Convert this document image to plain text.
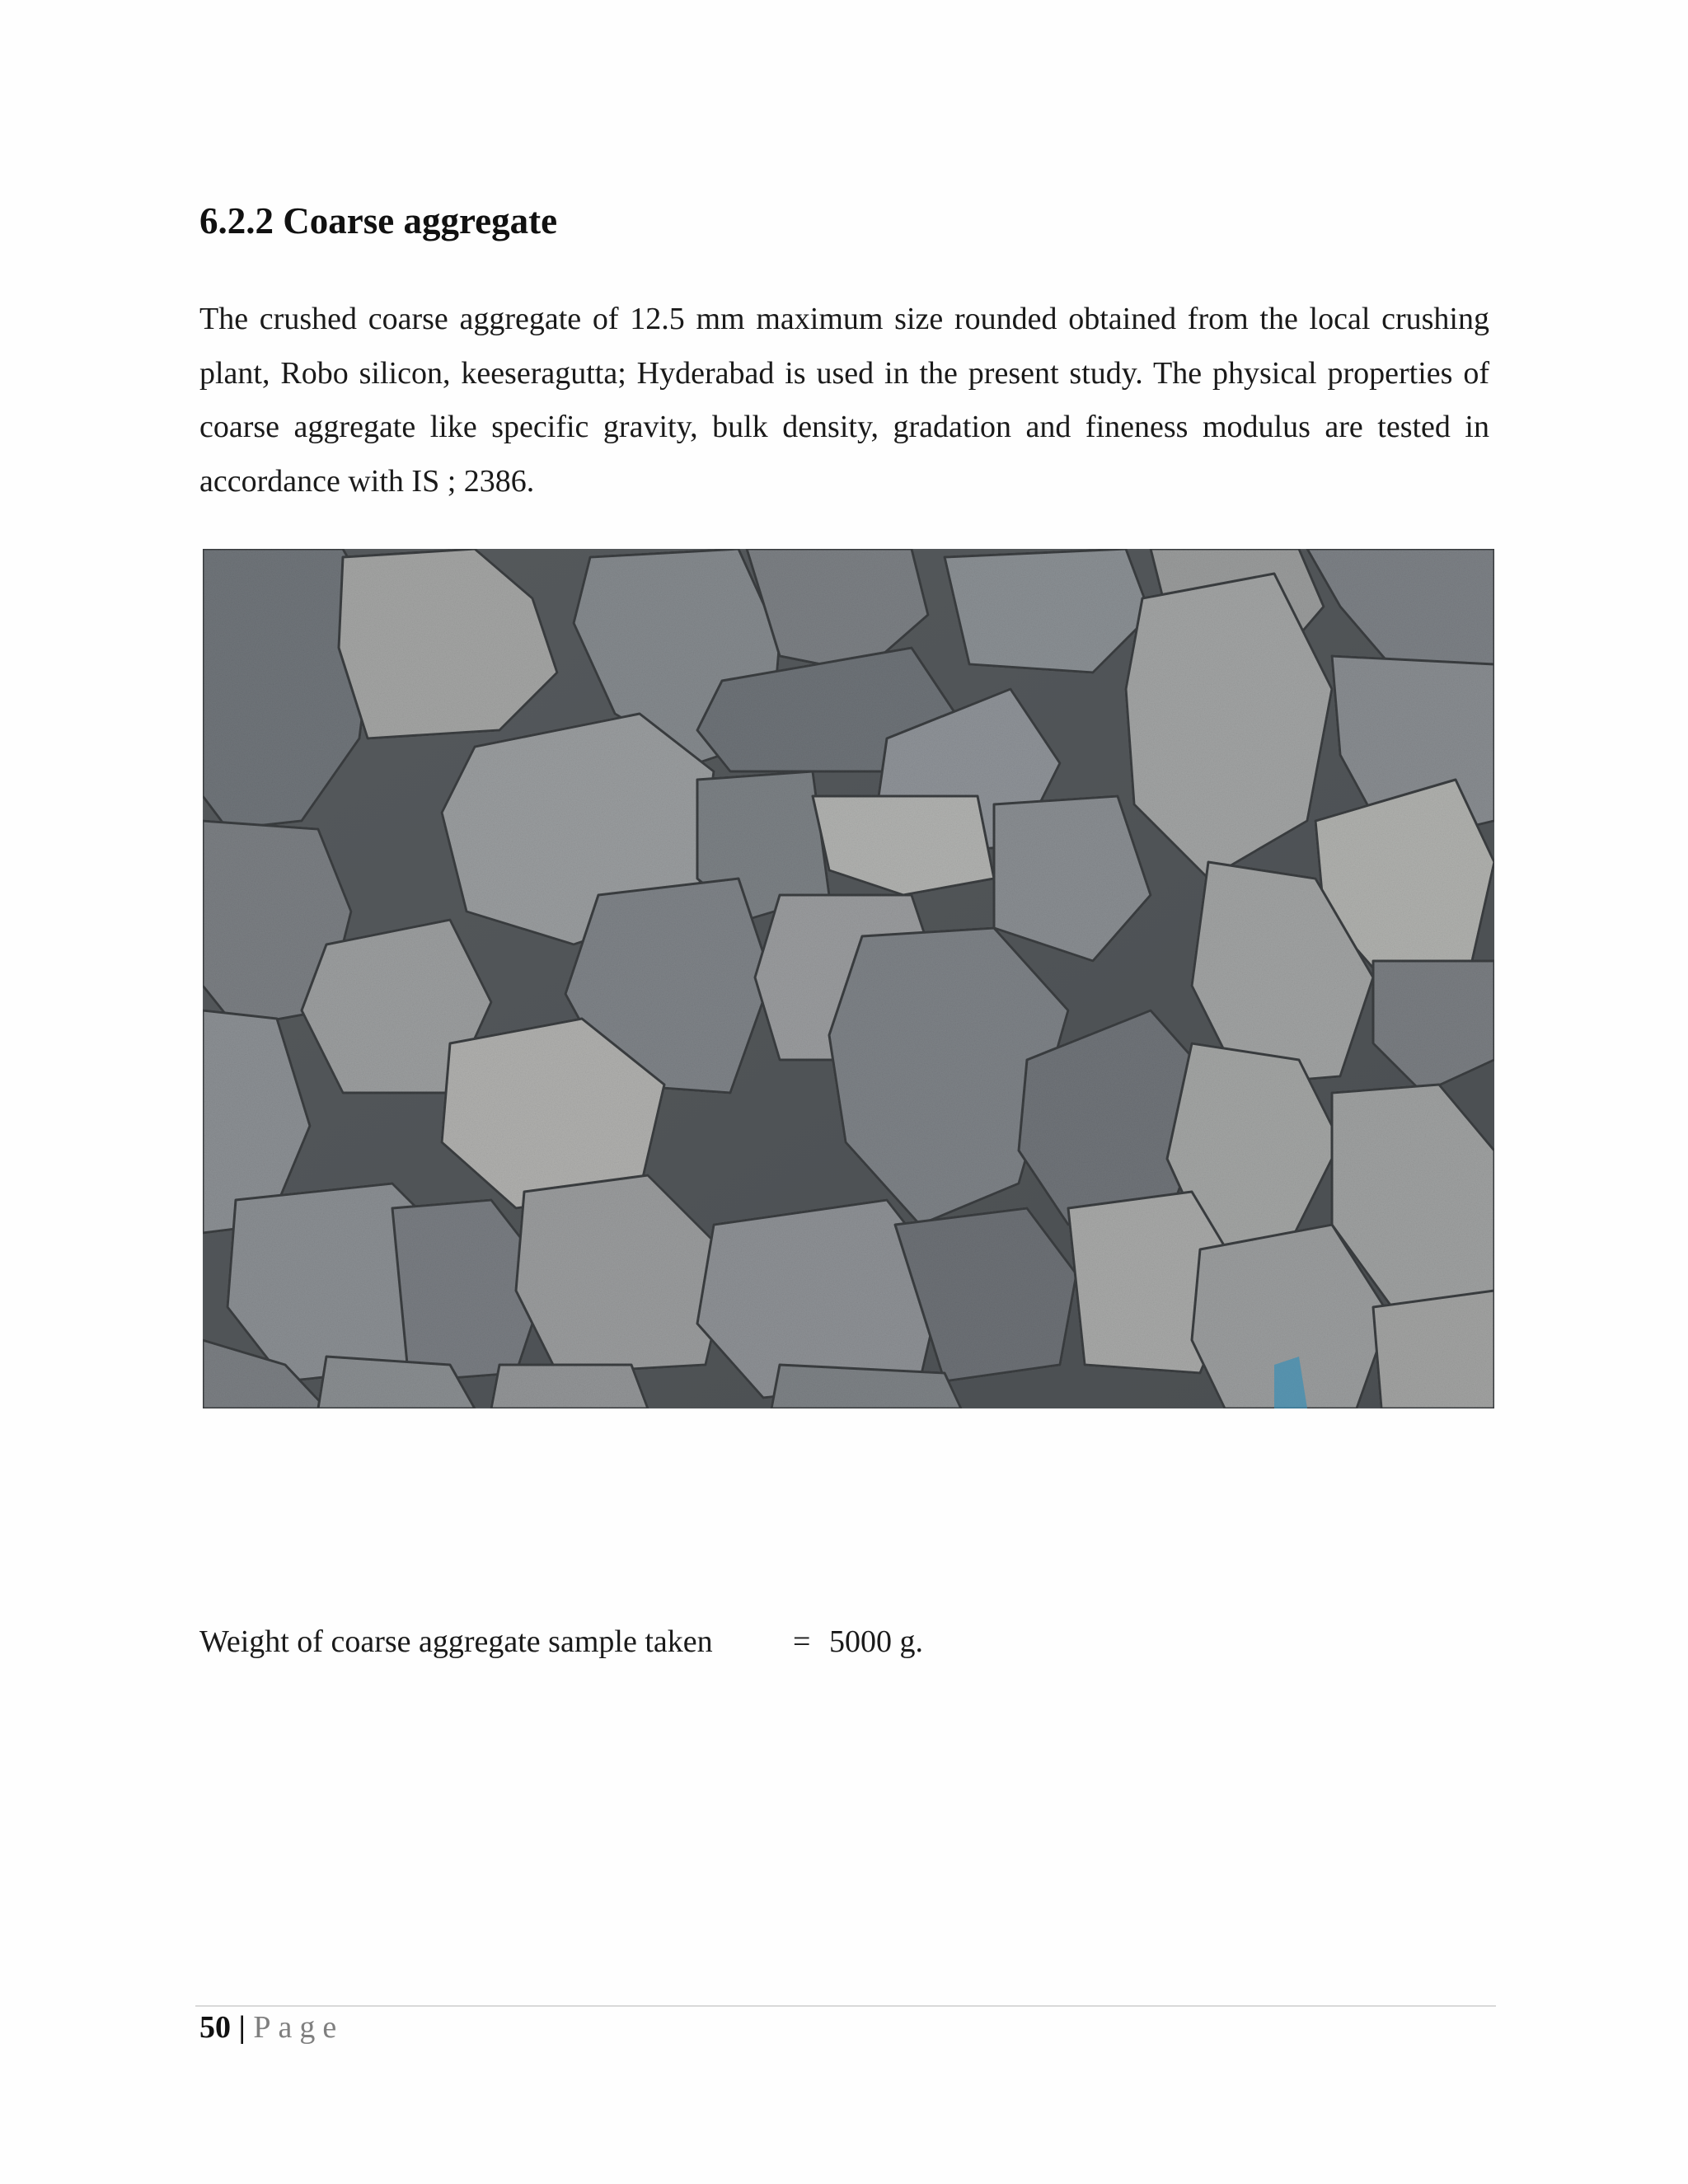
6.2.2 Coarse aggregate

The crushed coarse aggregate of 12.5 mm maximum size rounded obtained from the local crushing plant, Robo silicon, keeseragutta; Hyderabad is used in the present study. The physical properties of coarse aggregate like specific gravity, bulk density, gradation and fineness modulus are tested in accordance with IS ; 2386.

Weight of coarse aggregate sample taken	= 5000 g.
50 | Page
